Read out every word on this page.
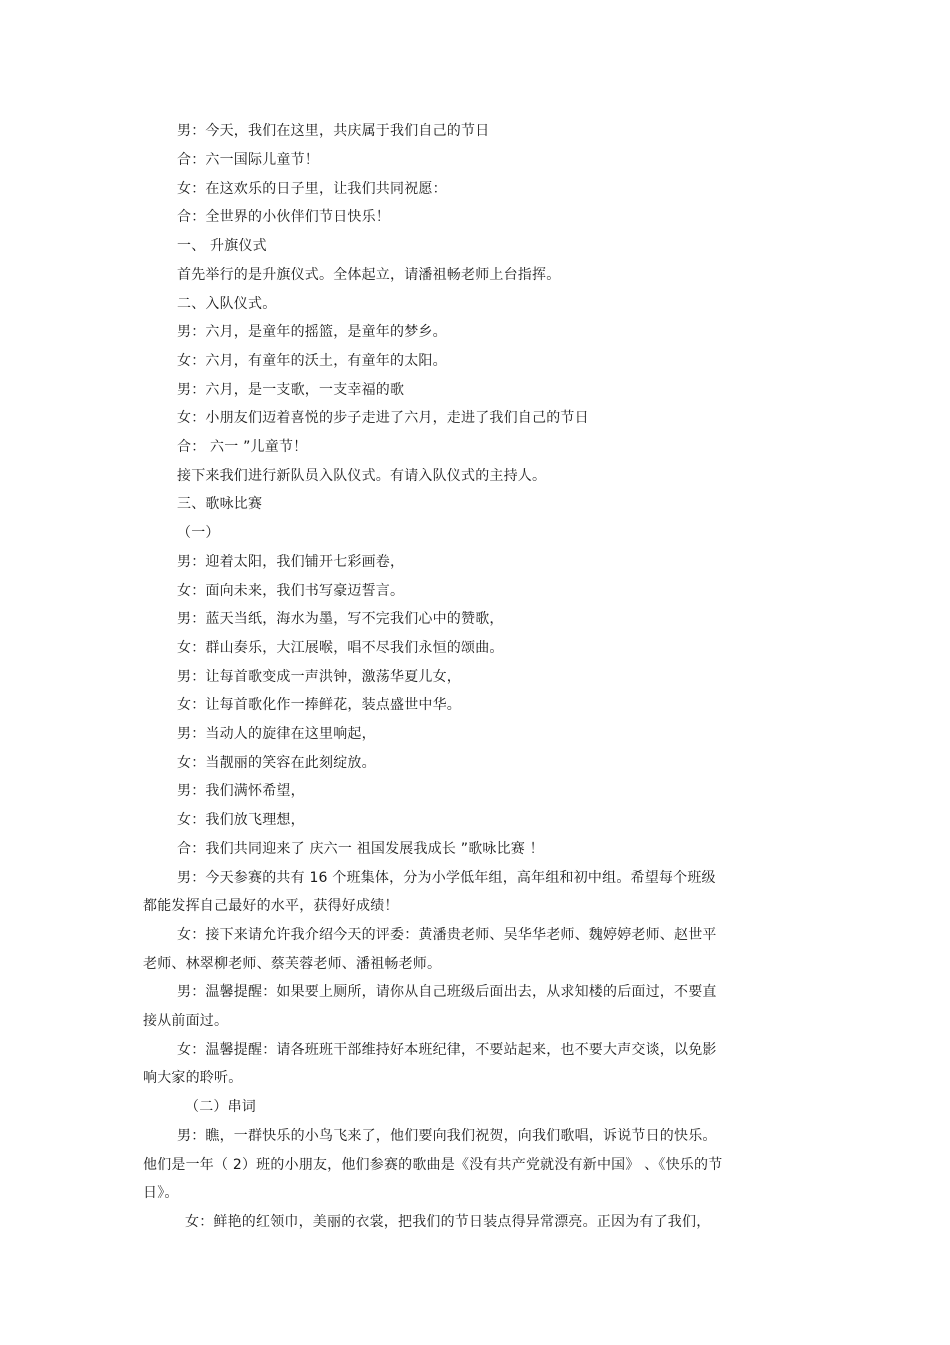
男：今天，我们在这里，共庆属于我们自己的节日
合：六一国际儿童节！
女：在这欢乐的日子里，让我们共同祝愿：
合：全世界的小伙伴们节日快乐！
一、 升旗仪式
首先举行的是升旗仪式。全体起立，请潘祖畅老师上台指挥。
二、入队仪式。
男：六月，是童年的摇篮，是童年的梦乡。
女：六月，有童年的沃土，有童年的太阳。
男：六月，是一支歌，一支幸福的歌
女：小朋友们迈着喜悦的步子走进了六月，走进了我们自己的节日
合： 六一 ”儿童节！
接下来我们进行新队员入队仪式。有请入队仪式的主持人。
三、歌咏比赛
（一）
男：迎着太阳，我们铺开七彩画卷，
女：面向未来，我们书写豪迈誓言。
男：蓝天当纸，海水为墨，写不完我们心中的赞歌，
女：群山奏乐，大江展喉，唱不尽我们永恒的颂曲。
男：让每首歌变成一声洪钟，激荡华夏儿女，
女：让每首歌化作一捧鲜花，装点盛世中华。
男：当动人的旋律在这里响起，
女：当靓丽的笑容在此刻绽放。
男：我们满怀希望，
女：我们放飞理想，
合：我们共同迎来了 庆六一 祖国发展我成长 ”歌咏比赛 ！
男：今天参赛的共有 16 个班集体，分为小学低年组，高年组和初中组。希望每个班级
都能发挥自己最好的水平，获得好成绩！
女：接下来请允许我介绍今天的评委：黄潘贵老师、吴华华老师、魏婷婷老师、赵世平
老师、林翠柳老师、蔡芙蓉老师、潘祖畅老师。
男：温馨提醒：如果要上厕所，请你从自己班级后面出去，从求知楼的后面过，不要直
接从前面过。
女：温馨提醒：请各班班干部维持好本班纪律，不要站起来，也不要大声交谈，以免影
响大家的聆听。
（二）串词
男：瞧，一群快乐的小鸟飞来了，他们要向我们祝贺，向我们歌唱，诉说节日的快乐。
他们是一年（ 2）班的小朋友，他们参赛的歌曲是《没有共产党就没有新中国》 、《快乐的节
日》。
女：鲜艳的红领巾，美丽的衣裳，把我们的节日装点得异常漂亮。正因为有了我们，
